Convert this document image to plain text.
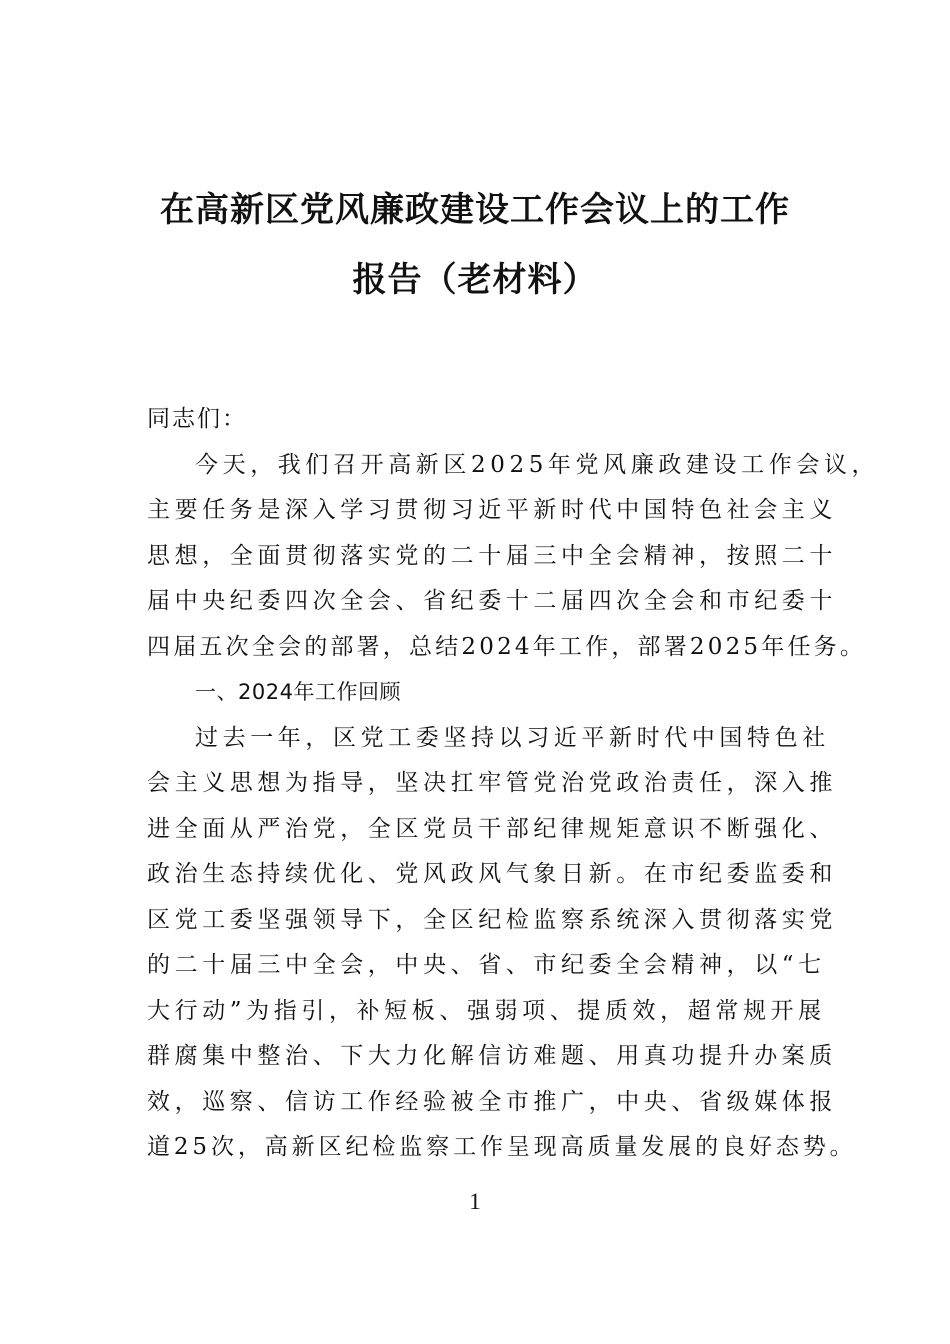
在高新区党风廉政建设工作会议上的工作
报告（老材料）
同志们：
今天，我们召开高新区2025年党风廉政建设工作会议，
主要任务是深入学习贯彻习近平新时代中国特色社会主义
思想，全面贯彻落实党的二十届三中全会精神，按照二十
届中央纪委四次全会、省纪委十二届四次全会和市纪委十
四届五次全会的部署，总结2024年工作，部署2025年任务。
一、2024年工作回顾
过去一年，区党工委坚持以习近平新时代中国特色社
会主义思想为指导，坚决扛牢管党治党政治责任，深入推
进全面从严治党，全区党员干部纪律规矩意识不断强化、
政治生态持续优化、党风政风气象日新。在市纪委监委和
区党工委坚强领导下，全区纪检监察系统深入贯彻落实党
的二十届三中全会，中央、省、市纪委全会精神，以“七
大行动”为指引，补短板、强弱项、提质效，超常规开展
群腐集中整治、下大力化解信访难题、用真功提升办案质
效，巡察、信访工作经验被全市推广，中央、省级媒体报
道25次，高新区纪检监察工作呈现高质量发展的良好态势。
1
